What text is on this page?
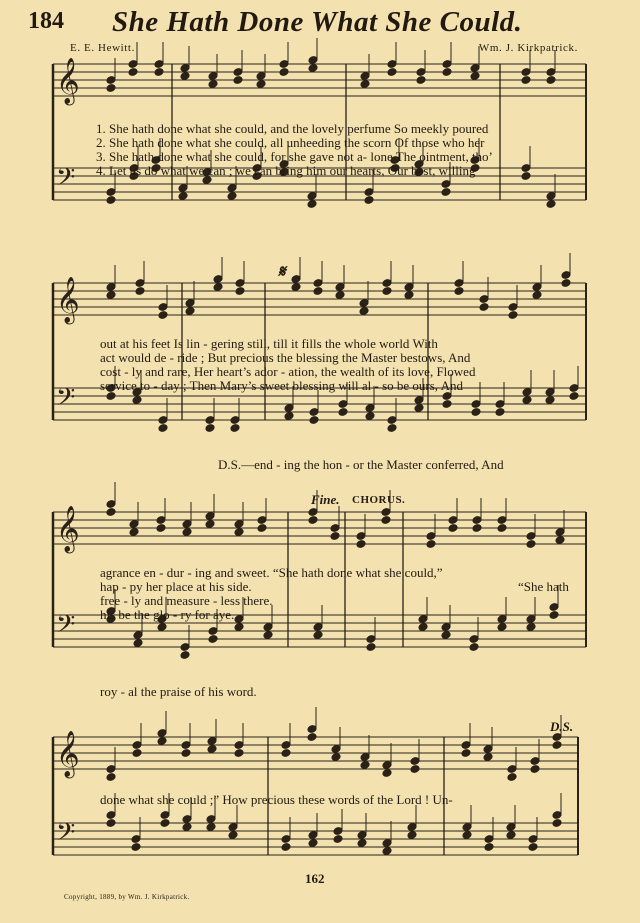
184 She Hath Done What She Could.
E. E. Hewitt.	Wm. J. Kirkpatrick.
𝄞
𝄢
𝄞
𝄢
𝄞
𝄢
𝄞
𝄢
1. She hath done what she could, and the lovely perfume So meekly poured
2. She hath done what she could, all unheeding the scorn Of those who her
3. She hath done what she could, for she gave not a- lone The ointment, tho’
4. Let us do what we can ; we can bring him our hearts, Our best, willing
𝄋
out at his feet Is lin - gering still, till it fills the whole world With
act would de - ride ; But precious the blessing the Master bestows, And
cost - ly and rare, Her heart’s ador - ation, the wealth of its love, Flowed
service to - day ; Then Mary’s sweet blessing will al - so be ours, And
D.S.—end - ing the hon - or the Master conferred, And
Fine. CHORUS.
agrance en - dur - ing and sweet. “She hath done what she could,”
hap - py her place at his side.
free - ly and measure - less there.
his be the glo - ry for aye.
“She hath
roy - al the praise of his word.
D.S.
done what she could ;” How precious these words of the Lord ! Un-
Copyright, 1889, by Wm. J. Kirkpatrick.
162
